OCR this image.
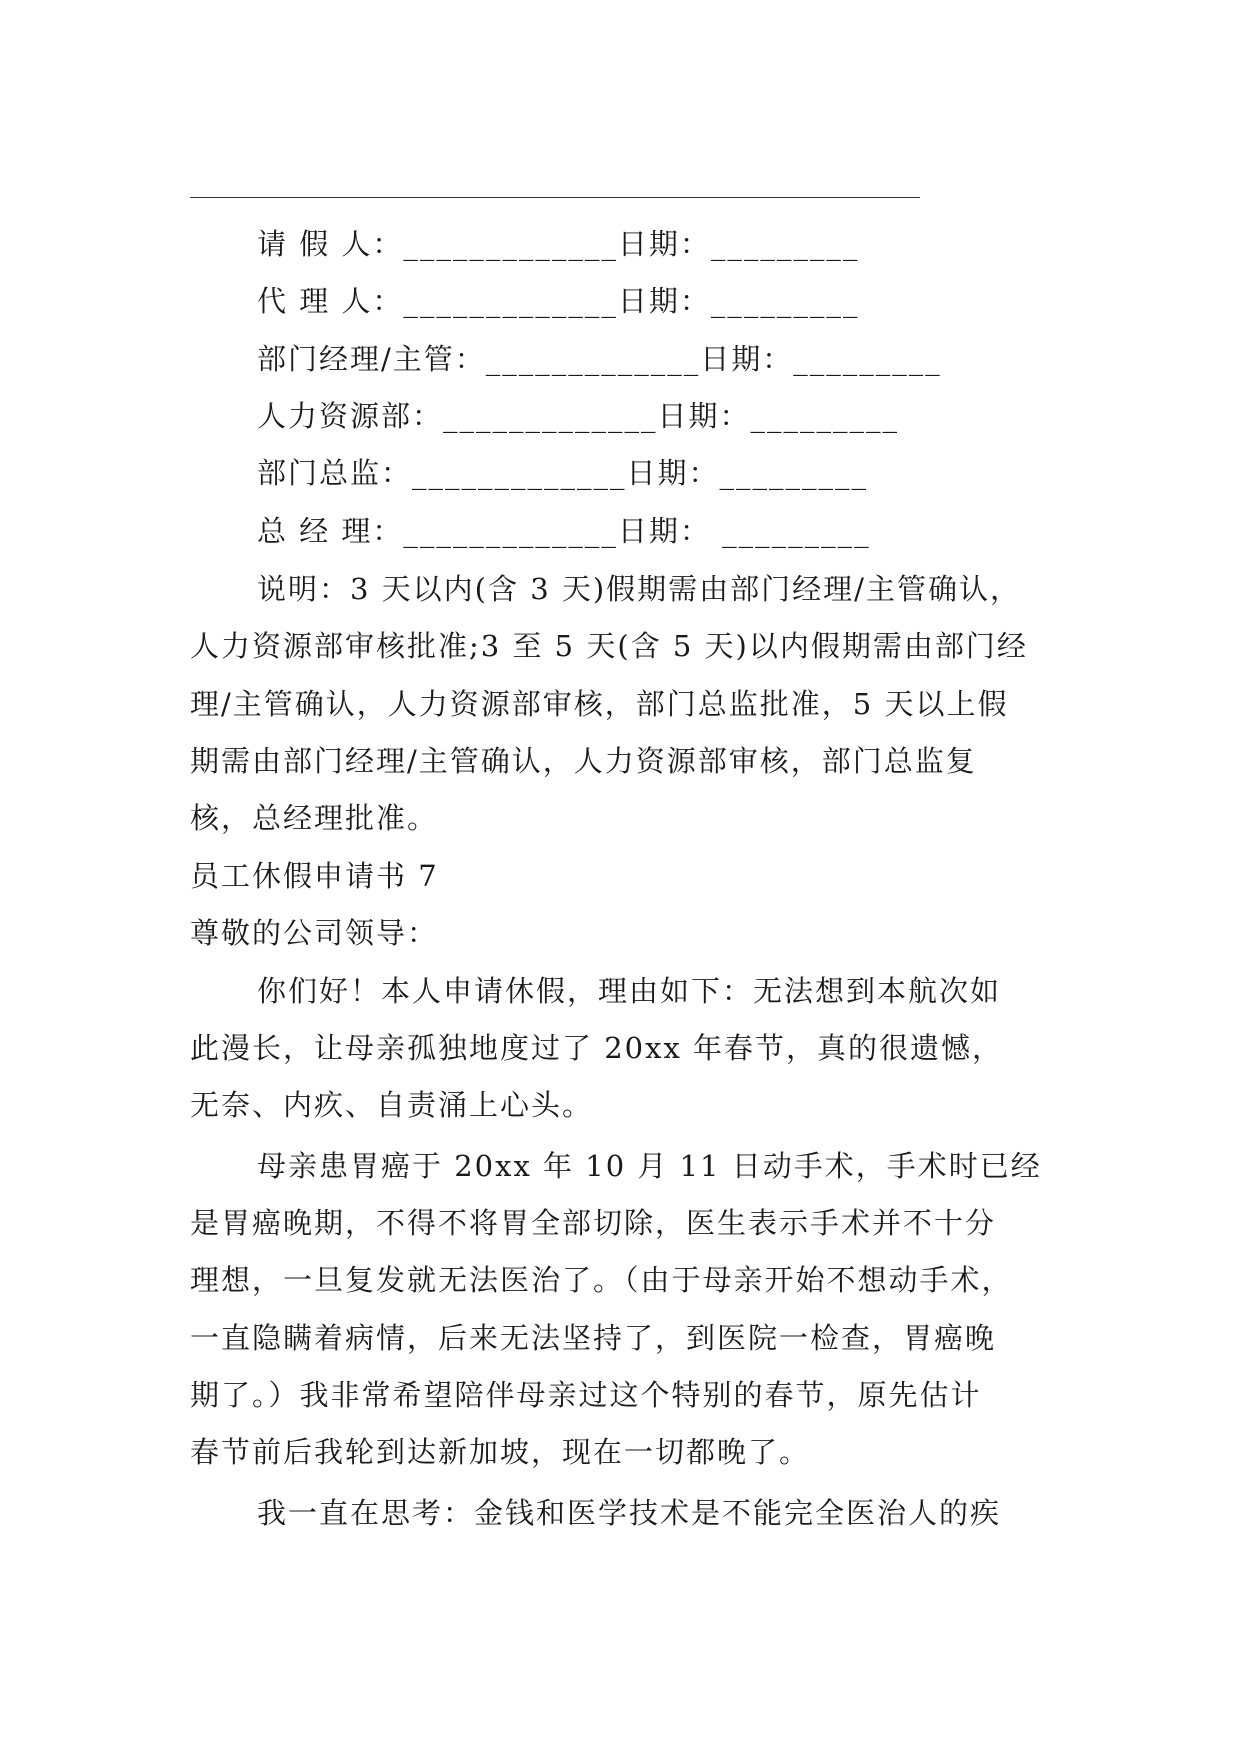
请 假 人：_____________日期：_________
代 理 人：_____________日期：_________
部门经理/主管：_____________日期：_________
人力资源部：_____________日期：_________
部门总监：_____________日期：_________
总 经 理：_____________日期： _________
说明：3 天以内(含 3 天)假期需由部门经理/主管确认，
人力资源部审核批准;3 至 5 天(含 5 天)以内假期需由部门经
理/主管确认，人力资源部审核，部门总监批准，5 天以上假
期需由部门经理/主管确认，人力资源部审核，部门总监复
核，总经理批准。
员工休假申请书 7
尊敬的公司领导：
你们好！本人申请休假，理由如下：无法想到本航次如
此漫长，让母亲孤独地度过了 20xx 年春节，真的很遗憾，
无奈、内疚、自责涌上心头。
母亲患胃癌于 20xx 年 10 月 11 日动手术，手术时已经
是胃癌晚期，不得不将胃全部切除，医生表示手术并不十分
理想，一旦复发就无法医治了。（由于母亲开始不想动手术，
一直隐瞒着病情，后来无法坚持了，到医院一检查，胃癌晚
期了。）我非常希望陪伴母亲过这个特别的春节，原先估计
春节前后我轮到达新加坡，现在一切都晚了。
我一直在思考：金钱和医学技术是不能完全医治人的疾
